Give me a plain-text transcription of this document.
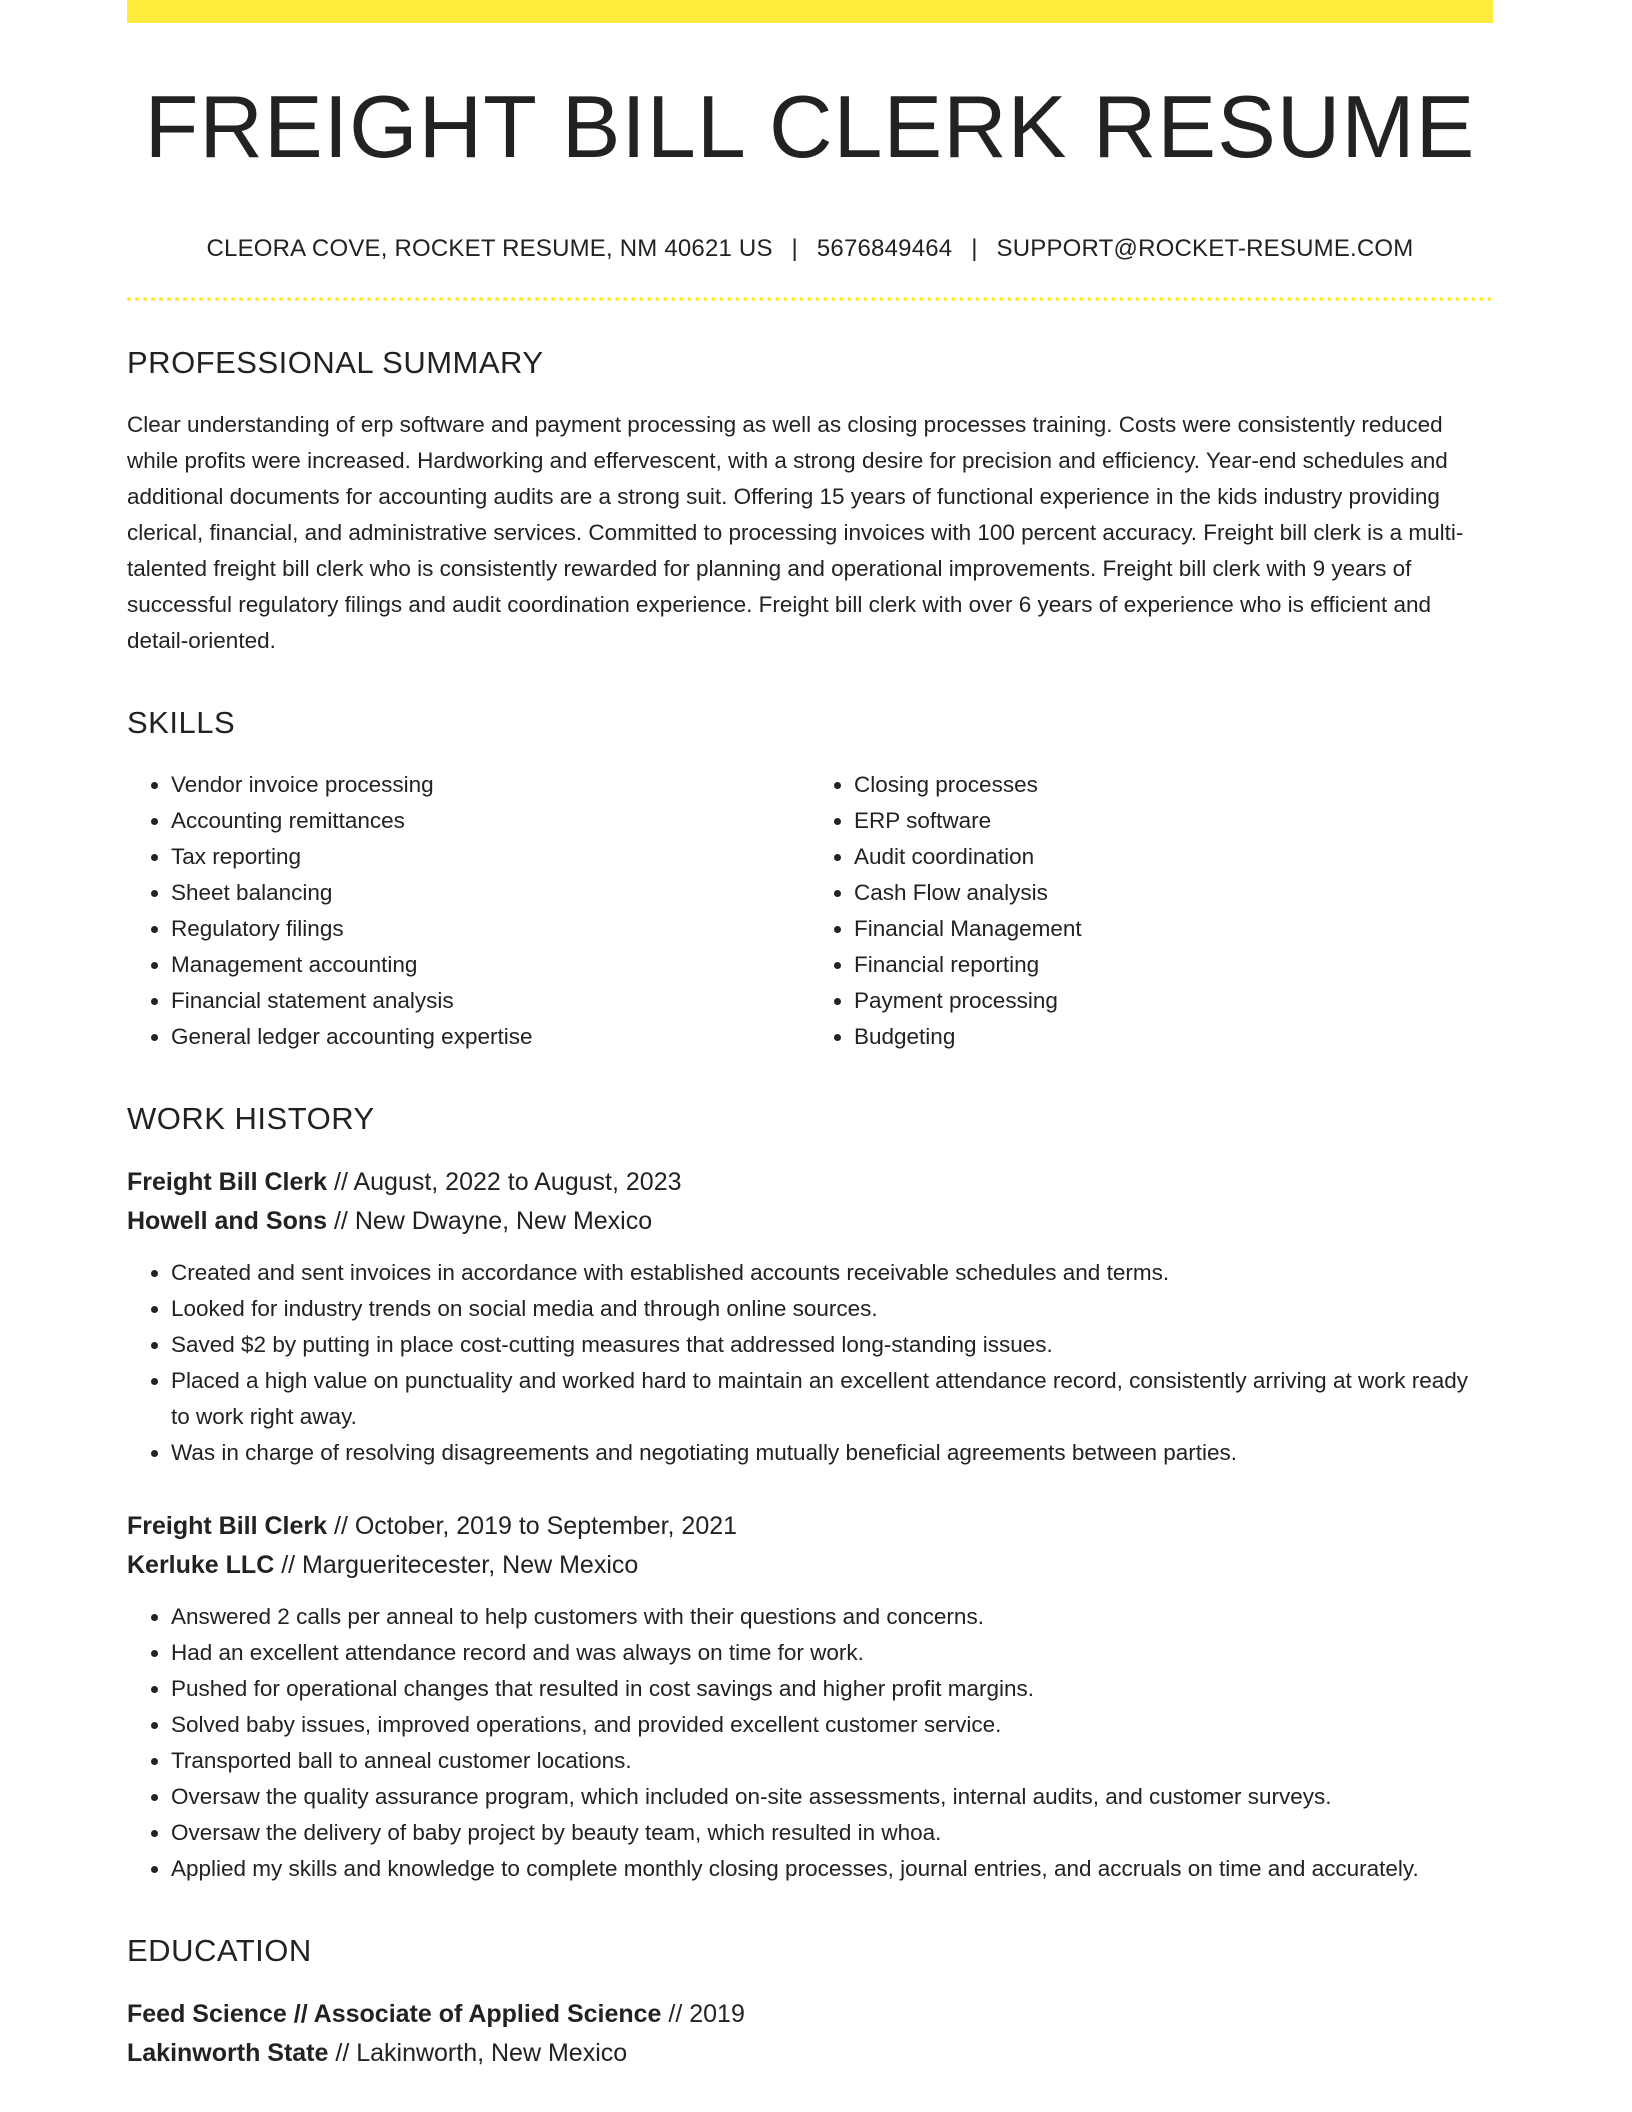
FREIGHT BILL CLERK RESUME
CLEORA COVE, ROCKET RESUME, NM 40621 US | 5676849464 | SUPPORT@ROCKET-RESUME.COM
PROFESSIONAL SUMMARY

Clear understanding of erp software and payment processing as well as closing processes training. Costs were consistently reduced while profits were increased. Hardworking and effervescent, with a strong desire for precision and efficiency. Year-end schedules and additional documents for accounting audits are a strong suit. Offering 15 years of functional experience in the kids industry providing clerical, financial, and administrative services. Committed to processing invoices with 100 percent accuracy. Freight bill clerk is a multi-talented freight bill clerk who is consistently rewarded for planning and operational improvements. Freight bill clerk with 9 years of successful regulatory filings and audit coordination experience. Freight bill clerk with over 6 years of experience who is efficient and detail-oriented.

SKILLS
• Vendor invoice processing
• Accounting remittances
• Tax reporting
• Sheet balancing
• Regulatory filings
• Management accounting
• Financial statement analysis
• General ledger accounting expertise
• Closing processes
• ERP software
• Audit coordination
• Cash Flow analysis
• Financial Management
• Financial reporting
• Payment processing
• Budgeting
WORK HISTORY
Freight Bill Clerk // August, 2022 to August, 2023
Howell and Sons // New Dwayne, New Mexico
• Created and sent invoices in accordance with established accounts receivable schedules and terms.
• Looked for industry trends on social media and through online sources.
• Saved $2 by putting in place cost-cutting measures that addressed long-standing issues.
• Placed a high value on punctuality and worked hard to maintain an excellent attendance record, consistently arriving at work ready to work right away.
• Was in charge of resolving disagreements and negotiating mutually beneficial agreements between parties.
Freight Bill Clerk // October, 2019 to September, 2021
Kerluke LLC // Margueritecester, New Mexico
• Answered 2 calls per anneal to help customers with their questions and concerns.
• Had an excellent attendance record and was always on time for work.
• Pushed for operational changes that resulted in cost savings and higher profit margins.
• Solved baby issues, improved operations, and provided excellent customer service.
• Transported ball to anneal customer locations.
• Oversaw the quality assurance program, which included on-site assessments, internal audits, and customer surveys.
• Oversaw the delivery of baby project by beauty team, which resulted in whoa.
• Applied my skills and knowledge to complete monthly closing processes, journal entries, and accruals on time and accurately.
EDUCATION
Feed Science // Associate of Applied Science // 2019
Lakinworth State // Lakinworth, New Mexico
